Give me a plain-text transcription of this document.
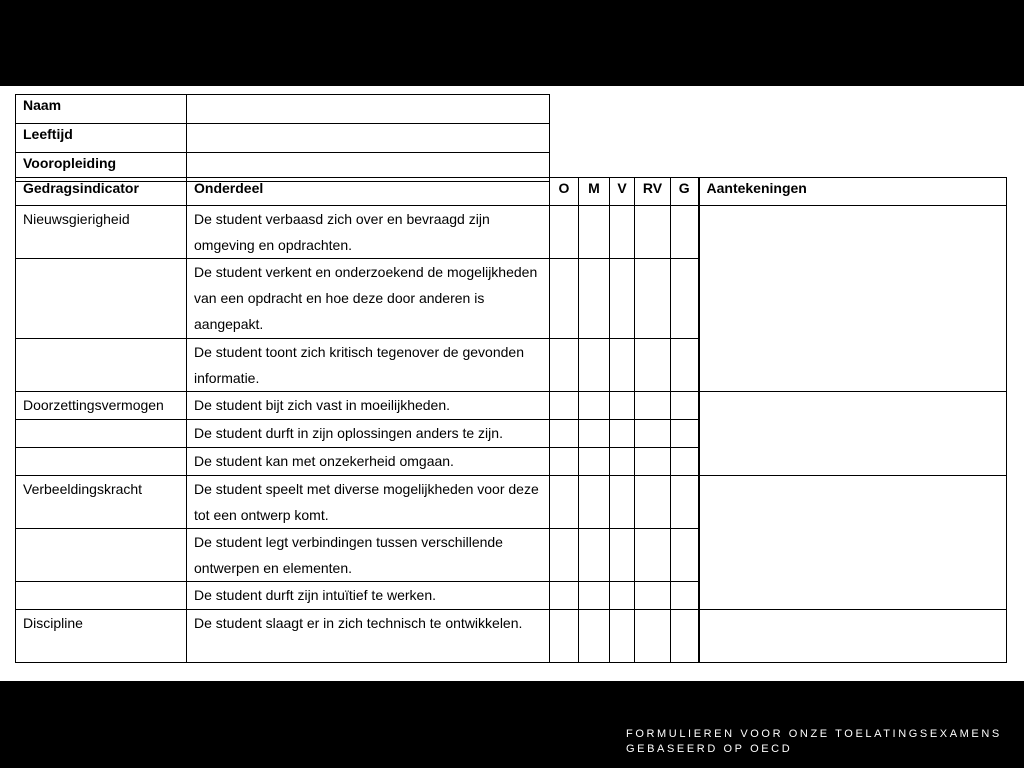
Naam	
Leeftijd	
Vooropleiding	
Gedragsindicator	Onderdeel	O	M	V	RV	G	Aantekeningen
Nieuwsgierigheid	De student verbaasd zich over en bevraagd zijn omgeving en opdrachten.						
	De student verkent en onderzoekend de mogelijkheden van een opdracht en hoe deze door anderen is aangepakt.						
	De student toont zich kritisch tegenover de gevonden informatie.						
Doorzettingsvermogen	De student bijt zich vast in moeilijkheden.						
	De student durft in zijn oplossingen anders te zijn.						
	De student kan met onzekerheid omgaan.						
Verbeeldingskracht	De student speelt met diverse mogelijkheden voor deze tot een ontwerp komt.						
	De student legt verbindingen tussen verschillende ontwerpen en elementen.						
	De student durft zijn intuïtief te werken.						
Discipline	De student slaagt er in zich technisch te ontwikkelen.						
FORMULIEREN VOOR ONZE TOELATINGSEXAMENS
GEBASEERD OP OECD
